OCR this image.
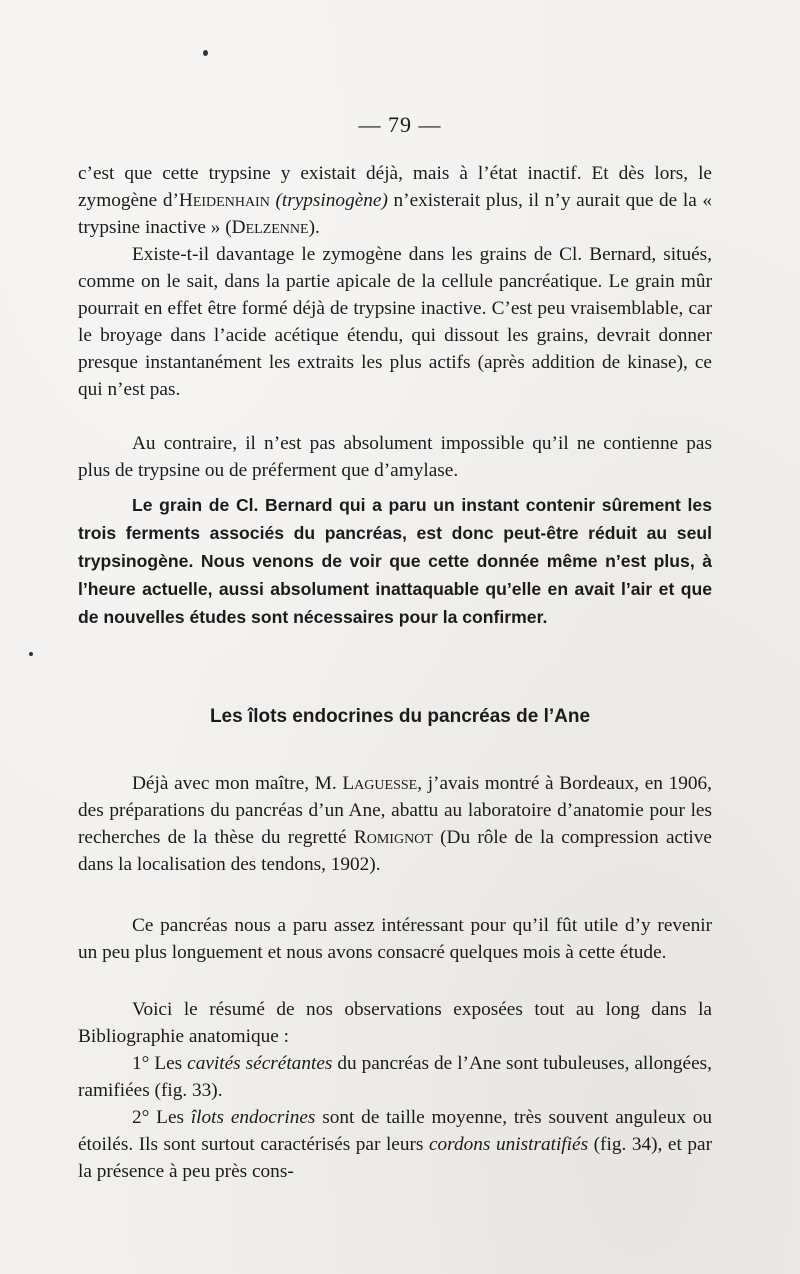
— 79 —

c’est que cette trypsine y existait déjà, mais à l’état inactif. Et dès lors, le zymogène d’Heidenhain (trypsinogène) n’existerait plus, il n’y aurait que de la « trypsine inactive » (Delzenne).

Existe-t-il davantage le zymogène dans les grains de Cl. Bernard, situés, comme on le sait, dans la partie apicale de la cellule pancréatique. Le grain mûr pourrait en effet être formé déjà de trypsine inactive. C’est peu vraisemblable, car le broyage dans l’acide acétique étendu, qui dissout les grains, devrait donner presque instantanément les extraits les plus actifs (après addition de kinase), ce qui n’est pas.

Au contraire, il n’est pas absolument impossible qu’il ne contienne pas plus de trypsine ou de préferment que d’amylase.

Le grain de Cl. Bernard qui a paru un instant contenir sûrement les trois ferments associés du pancréas, est donc peut-être réduit au seul trypsinogène. Nous venons de voir que cette donnée même n’est plus, à l’heure actuelle, aussi absolument inattaquable qu’elle en avait l’air et que de nouvelles études sont nécessaires pour la confirmer.

Les îlots endocrines du pancréas de l’Ane

Déjà avec mon maître, M. Laguesse, j’avais montré à Bordeaux, en 1906, des préparations du pancréas d’un Ane, abattu au laboratoire d’anatomie pour les recherches de la thèse du regretté Romignot (Du rôle de la compression active dans la localisation des tendons, 1902).

Ce pancréas nous a paru assez intéressant pour qu’il fût utile d’y revenir un peu plus longuement et nous avons consacré quelques mois à cette étude.

Voici le résumé de nos observations exposées tout au long dans la Bibliographie anatomique :

1° Les cavités sécrétantes du pancréas de l’Ane sont tubuleuses, allongées, ramifiées (fig. 33).

2° Les îlots endocrines sont de taille moyenne, très souvent anguleux ou étoilés. Ils sont surtout caractérisés par leurs cordons unistratifiés (fig. 34), et par la présence à peu près cons-
